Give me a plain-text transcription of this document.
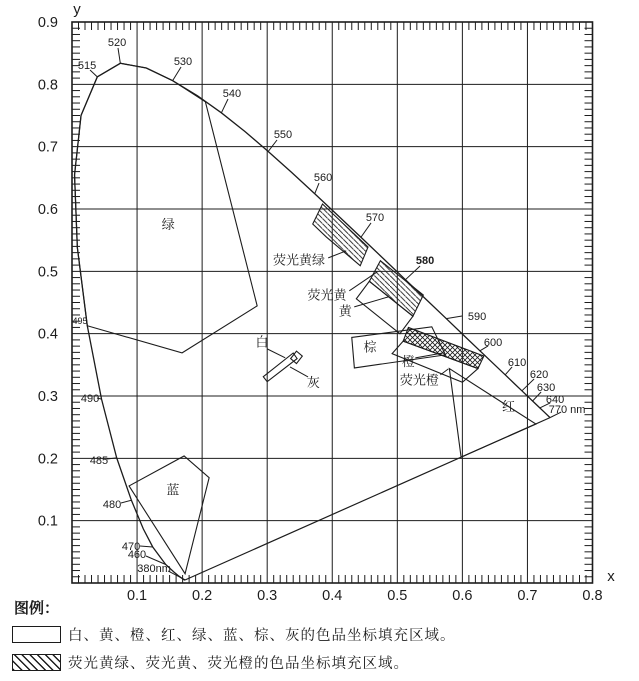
0.1
0.2
0.3
0.4
0.5
0.6
0.7
0.8
0.9
0.1	0.2	0.3	0.4	0.5	0.6	0.7	0.8
y
x
绿
蓝
灰
白
黄
橙
棕
红
荧光黄绿
荧光黄
荧光橙
515
520
530
540
550
560
570
580
590
600
610
620
630
640
770 nm
495
490
485
480
470
460
380nm
图例：
白、黄、橙、红、绿、蓝、棕、灰的色品坐标填充区域。
荧光黄绿、荧光黄、荧光橙的色品坐标填充区域。
